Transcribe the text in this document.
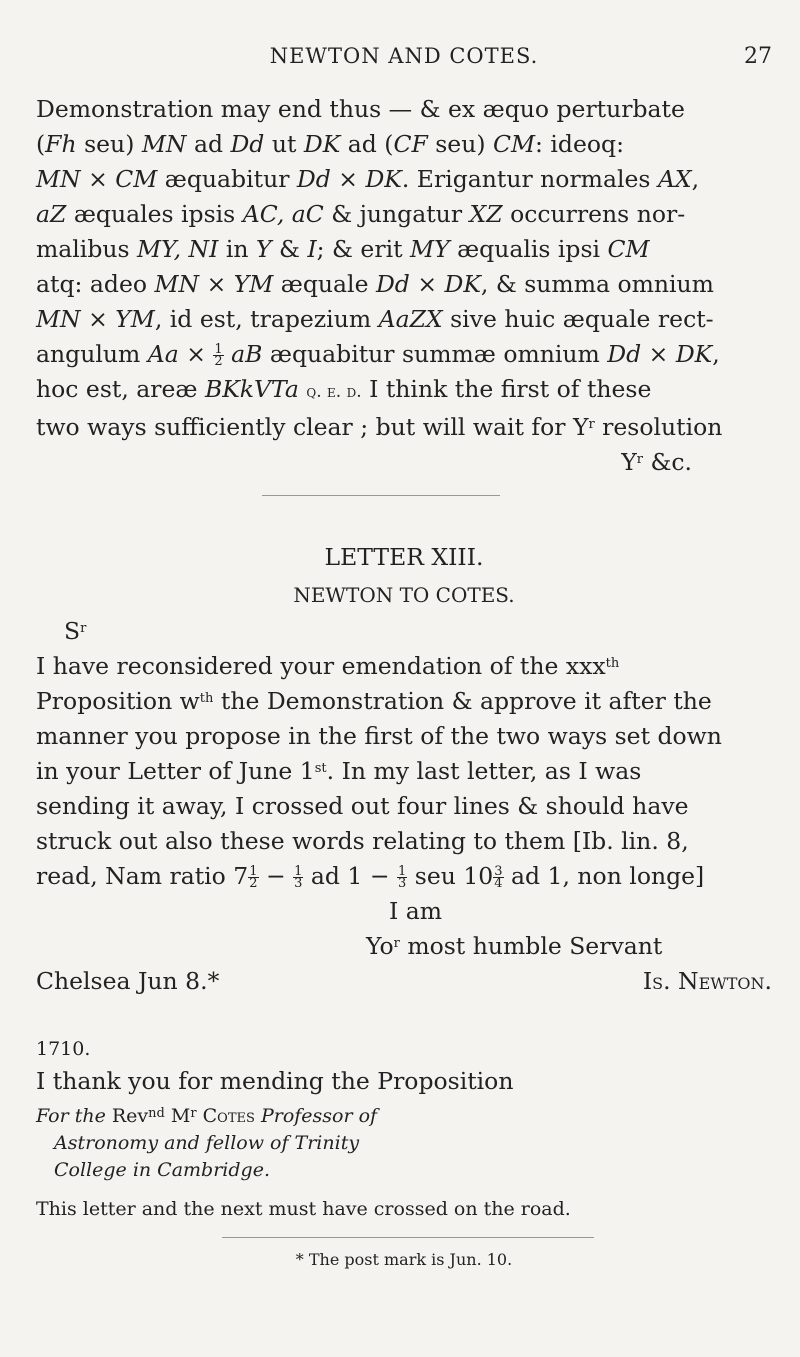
NEWTON AND COTES.	27
Demonstration may end thus — & ex æquo perturbate
(Fh seu) MN ad Dd ut DK ad (CF seu) CM: ideoq:
MN × CM æquabitur Dd × DK. Erigantur normales AX,
aZ æquales ipsis AC, aC & jungatur XZ occurrens nor-
malibus MY, NI in Y & I; & erit MY æqualis ipsi CM
atq: adeo MN × YM æquale Dd × DK, & summa omnium
MN × YM, id est, trapezium AaZX sive huic æquale rect-
angulum $Aa \times \frac{1}{2}$ aB æquabitur summæ omnium Dd × DK,
hoc est, areæ BKkVTa q. e. d. I think the first of these
two ways sufficiently clear ; but will wait for $Y^r$ resolution
$Y^r$ &c.
LETTER XIII.
NEWTON TO COTES.
$S^r$
I have reconsidered your emendation of the xxx$^{th}$
Proposition $w^{th}$ the Demonstration & approve it after the
manner you propose in the first of the two ways set down
in your Letter of June 1st. In my last letter, as I was
sending it away, I crossed out four lines & should have
struck out also these words relating to them [Ib. lin. 8,
read, Nam ratio $7 \frac{1}{2} - \frac{1}{3}$ ad $1 - \frac{1}{3}$ seu $10 \frac{3}{4}$ ad 1, non longe]
I am
Yo$^r$ most humble Servant
Chelsea Jun 8.*	Is. Newton.
1710.
I thank you for mending the Proposition
For the Rev$^{nd}$ $M^r$ Cotes Professor of
Astronomy and fellow of Trinity
College in Cambridge.
This letter and the next must have crossed on the road.
* The post mark is Jun. 10.
